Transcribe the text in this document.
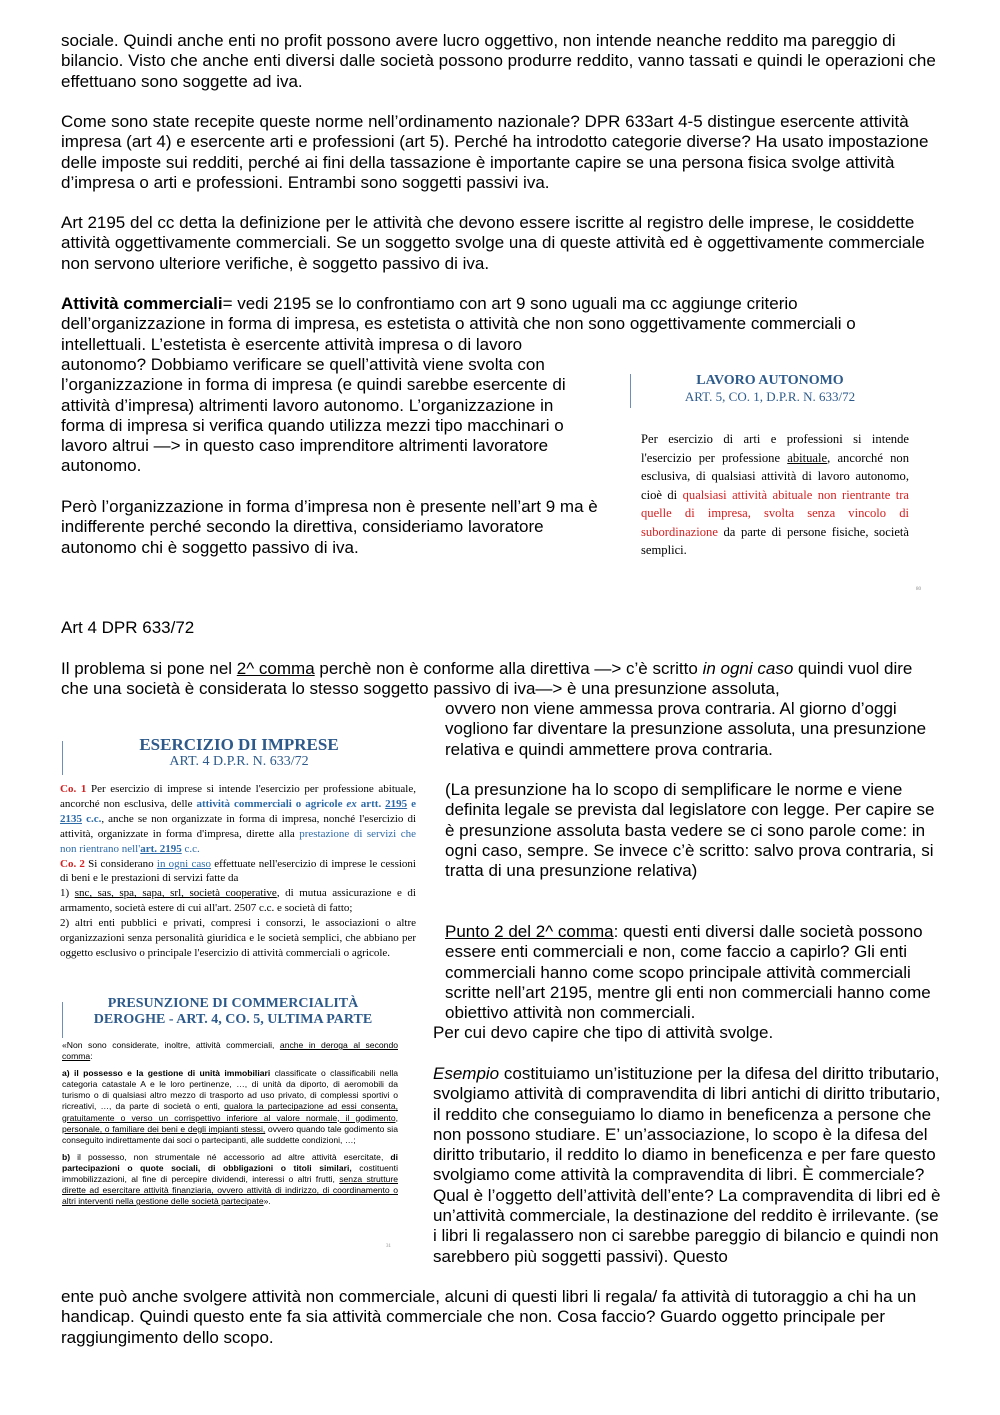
sociale. Quindi anche enti no profit possono avere lucro oggettivo, non intende neanche reddito ma pareggio di bilancio. Visto che anche enti diversi dalle società possono produrre reddito, vanno tassati e quindi le operazioni che effettuano sono soggette ad iva.

Come sono state recepite queste norme nell’ordinamento nazionale? DPR 633art 4-5 distingue esercente attività impresa (art 4) e esercente arti e professioni (art 5). Perché ha introdotto categorie diverse? Ha usato impostazione delle imposte sui redditi, perché ai fini della tassazione è importante capire se una persona fisica svolge attività d’impresa o arti e professioni. Entrambi sono soggetti passivi iva.

Art 2195 del cc detta la definizione per le attività che devono essere iscritte al registro delle imprese, le cosiddette attività oggettivamente commerciali. Se un soggetto svolge una di queste attività ed è oggettivamente commerciale non servono ulteriore verifiche, è soggetto passivo di iva.

Attività commerciali= vedi 2195 se lo confrontiamo con art 9 sono uguali ma cc aggiunge criterio dell’organizzazione in forma di impresa, es estetista o attività che non sono oggettivamente commerciali o intellettuali. L’estetista è esercente attività impresa o di lavoro

autonomo? Dobbiamo verificare se quell’attività viene svolta con l’organizzazione in forma di impresa (e quindi sarebbe esercente di attività d’impresa) altrimenti lavoro autonomo. L’organizzazione in forma di impresa si verifica quando utilizza mezzi tipo macchinari o lavoro altrui —> in questo caso imprenditore altrimenti lavoratore autonomo.

Però l’organizzazione in forma d’impresa non è presente nell’art 9 ma è indifferente perché secondo la direttiva, consideriamo lavoratore autonomo chi è soggetto passivo di iva.

LAVORO AUTONOMO
ART. 5, CO. 1, D.P.R. N. 633/72

Per esercizio di arti e professioni si intende l'esercizio per professione abituale, ancorché non esclusiva, di qualsiasi attività di lavoro autonomo, cioè di qualsiasi attività abituale non rientrante tra quelle di impresa, svolta senza vincolo di subordinazione da parte di persone fisiche, società semplici.

80

Art 4 DPR 633/72

Il problema si pone nel 2^ comma perchè non è conforme alla direttiva —> c’è scritto in ogni caso quindi vuol dire che una società è considerata lo stesso soggetto passivo di iva—> è una presunzione assoluta,

ovvero non viene ammessa prova contraria. Al giorno d’oggi vogliono far diventare la presunzione assoluta, una presunzione relativa e quindi ammettere prova contraria.

(La presunzione ha lo scopo di semplificare le norme e viene definita legale se prevista dal legislatore con legge. Per capire se è presunzione assoluta basta vedere se ci sono parole come: in ogni caso, sempre. Se invece c’è scritto: salvo prova contraria, si tratta di una presunzione relativa)

Punto 2 del 2^ comma: questi enti diversi dalle società possono essere enti commerciali e non, come faccio a capirlo? Gli enti commerciali hanno come scopo principale attività commerciali scritte nell’art 2195, mentre gli enti non commerciali hanno come obiettivo attività non commerciali.

Per cui devo capire che tipo di attività svolge.

Esempio costituiamo un’istituzione per la difesa del diritto tributario, svolgiamo attività di compravendita di libri antichi di diritto tributario, il reddito che conseguiamo lo diamo in beneficenza a persone che non possono studiare. E’ un’associazione, lo scopo è la difesa del diritto tributario, il reddito lo diamo in beneficenza e per fare questo svolgiamo come attività la compravendita di libri. È commerciale? Qual è l’oggetto dell’attività dell’ente? La compravendita di libri ed è un’attività commerciale, la destinazione del reddito è irrilevante. (se i libri li regalassero non ci sarebbe pareggio di bilancio e quindi non sarebbero più soggetti passivi). Questo

ente può anche svolgere attività non commerciale, alcuni di questi libri li regala/ fa attività di tutoraggio a chi ha un handicap. Quindi questo ente fa sia attività commerciale che non. Cosa faccio? Guardo oggetto principale per raggiungimento dello scopo.

ESERCIZIO DI IMPRESE
ART. 4 D.P.R. N. 633/72
Co. 1 Per esercizio di imprese si intende l'esercizio per professione abituale, ancorché non esclusiva, delle attività commerciali o agricole ex artt. 2195 e 2135 c.c., anche se non organizzate in forma di impresa, nonché l'esercizio di attività, organizzate in forma d'impresa, dirette alla prestazione di servizi che non rientrano nell'art. 2195 c.c.
Co. 2 Si considerano in ogni caso effettuate nell'esercizio di imprese le cessioni di beni e le prestazioni di servizi fatte da
1) snc, sas, spa, sapa, srl, società cooperative, di mutua assicurazione e di armamento, società estere di cui all'art. 2507 c.c. e società di fatto;
2) altri enti pubblici e privati, compresi i consorzi, le associazioni o altre organizzazioni senza personalità giuridica e le società semplici, che abbiano per oggetto esclusivo o principale l'esercizio di attività commerciali o agricole.
PRESUNZIONE DI COMMERCIALITÀ
DEROGHE - ART. 4, CO. 5, ULTIMA PARTE
«Non sono considerate, inoltre, attività commerciali, anche in deroga al secondo comma:
a) il possesso e la gestione di unità immobiliari classificate o classificabili nella categoria catastale A e le loro pertinenze, …, di unità da diporto, di aeromobili da turismo o di qualsiasi altro mezzo di trasporto ad uso privato, di complessi sportivi o ricreativi, …, da parte di società o enti, qualora la partecipazione ad essi consenta, gratuitamente o verso un corrispettivo inferiore al valore normale, il godimento, personale, o familiare dei beni e degli impianti stessi, ovvero quando tale godimento sia conseguito indirettamente dai soci o partecipanti, alle suddette condizioni, …;
b) il possesso, non strumentale né accessorio ad altre attività esercitate, di partecipazioni o quote sociali, di obbligazioni o titoli similari, costituenti immobilizzazioni, al fine di percepire dividendi, interessi o altri frutti, senza strutture dirette ad esercitare attività finanziaria, ovvero attività di indirizzo, di coordinamento o altri interventi nella gestione delle società partecipate».
31
